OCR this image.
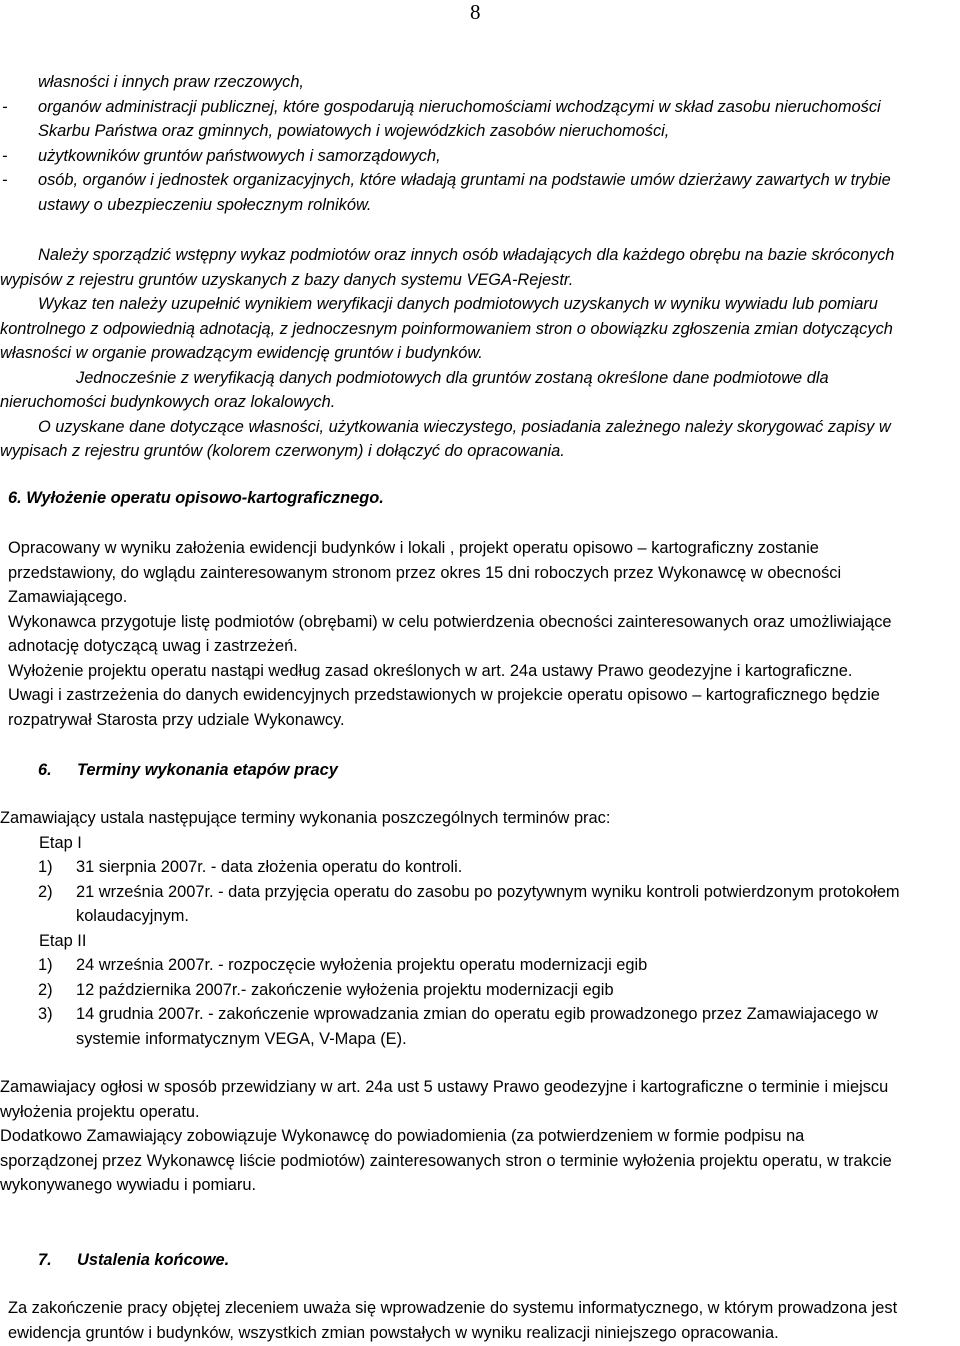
8
własności i innych praw rzeczowych,
- organów administracji publicznej, które gospodarują nieruchomościami wchodzącymi w skład zasobu nieruchomości
Skarbu Państwa oraz gminnych, powiatowych i wojewódzkich zasobów nieruchomości,
- użytkowników gruntów państwowych i samorządowych,
- osób, organów i jednostek organizacyjnych, które władają gruntami na podstawie umów dzierżawy zawartych w trybie
ustawy o ubezpieczeniu społecznym rolników.
Należy sporządzić wstępny wykaz podmiotów oraz innych osób władających dla każdego obrębu na bazie skróconych
wypisów z rejestru gruntów uzyskanych z bazy danych systemu VEGA-Rejestr.
Wykaz ten należy uzupełnić wynikiem weryfikacji danych podmiotowych uzyskanych w wyniku wywiadu lub pomiaru
kontrolnego z odpowiednią adnotacją, z jednoczesnym poinformowaniem stron o obowiązku zgłoszenia zmian dotyczących
własności w organie prowadzącym ewidencję gruntów i budynków.
Jednocześnie z weryfikacją danych podmiotowych dla gruntów zostaną określone dane podmiotowe dla
nieruchomości budynkowych oraz lokalowych.
O uzyskane dane dotyczące własności, użytkowania wieczystego, posiadania zależnego należy skorygować zapisy w
wypisach z rejestru gruntów (kolorem czerwonym) i dołączyć do opracowania.
6. Wyłożenie operatu opisowo-kartograficznego.
Opracowany w wyniku założenia ewidencji budynków i lokali , projekt operatu opisowo – kartograficzny zostanie
przedstawiony, do wglądu zainteresowanym stronom przez okres 15 dni roboczych przez Wykonawcę w obecności
Zamawiającego.
Wykonawca przygotuje listę podmiotów (obrębami) w celu potwierdzenia obecności zainteresowanych oraz umożliwiające
adnotację dotyczącą uwag i zastrzeżeń.
Wyłożenie projektu operatu nastąpi według zasad określonych w art. 24a ustawy Prawo geodezyjne i kartograficzne.
Uwagi i zastrzeżenia do danych ewidencyjnych przedstawionych w projekcie operatu opisowo – kartograficznego będzie
rozpatrywał Starosta przy udziale Wykonawcy.
6. Terminy wykonania etapów pracy
Zamawiający ustala następujące terminy wykonania poszczególnych terminów prac:
Etap I
1) 31 sierpnia 2007r. - data złożenia operatu do kontroli.
2) 21 września 2007r. - data przyjęcia operatu do zasobu po pozytywnym wyniku kontroli potwierdzonym protokołem
kolaudacyjnym.
Etap II
1) 24 września 2007r. - rozpoczęcie wyłożenia projektu operatu modernizacji egib
2) 12 października 2007r.- zakończenie wyłożenia projektu modernizacji egib
3) 14 grudnia 2007r. - zakończenie wprowadzania zmian do operatu egib prowadzonego przez Zamawiajacego w
systemie informatycznym VEGA, V-Mapa (E).
Zamawiajacy ogłosi w sposób przewidziany w art. 24a ust 5 ustawy Prawo geodezyjne i kartograficzne o terminie i miejscu
wyłożenia projektu operatu.
Dodatkowo Zamawiający zobowiązuje Wykonawcę do powiadomienia (za potwierdzeniem w formie podpisu na
sporządzonej przez Wykonawcę liście podmiotów) zainteresowanych stron o terminie wyłożenia projektu operatu, w trakcie
wykonywanego wywiadu i pomiaru.
7. Ustalenia końcowe.
Za zakończenie pracy objętej zleceniem uważa się wprowadzenie do systemu informatycznego, w którym prowadzona jest
ewidencja gruntów i budynków, wszystkich zmian powstałych w wyniku realizacji niniejszego opracowania.
